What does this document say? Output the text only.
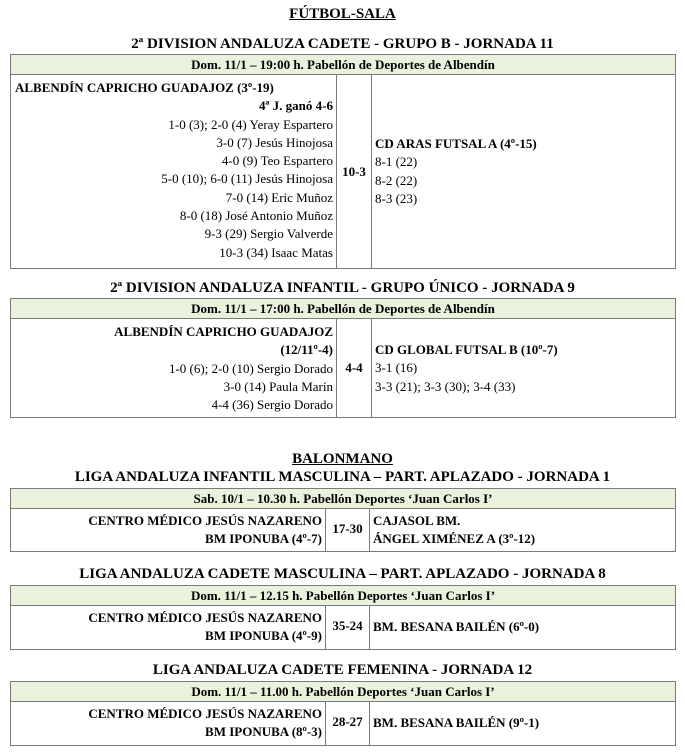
FÚTBOL-SALA
2ª DIVISION ANDALUZA CADETE - GRUPO B - JORNADA 11
Dom. 11/1 – 19:00 h. Pabellón de Deportes de Albendín
ALBENDÍN CAPRICHO GUADAJOZ (3º-19)
4ª J. ganó 4-6
1-0 (3); 2-0 (4) Yeray Espartero
3-0 (7) Jesús Hinojosa
4-0 (9) Teo Espartero
5-0 (10); 6-0 (11) Jesús Hinojosa
7-0 (14) Eric Muñoz
8-0 (18) José Antonio Muñoz
9-3 (29) Sergio Valverde
10-3 (34) Isaac Matas
10-3
CD ARAS FUTSAL A (4º-15)
8-1 (22)
8-2 (22)
8-3 (23)
2ª DIVISION ANDALUZA INFANTIL - GRUPO ÚNICO - JORNADA 9
Dom. 11/1 – 17:00 h. Pabellón de Deportes de Albendín
ALBENDÍN CAPRICHO GUADAJOZ
(12/11º-4)
1-0 (6); 2-0 (10) Sergio Dorado
3-0 (14) Paula Marín
4-4 (36) Sergio Dorado
4-4
CD GLOBAL FUTSAL B (10º-7)
3-1 (16)
3-3 (21); 3-3 (30); 3-4 (33)
BALONMANO
LIGA ANDALUZA INFANTIL MASCULINA – PART. APLAZADO - JORNADA 1
Sab. 10/1 – 10.30 h. Pabellón Deportes ‘Juan Carlos I’
CENTRO MÉDICO JESÚS NAZARENO
BM IPONUBA (4º-7)
17-30
CAJASOL BM.
ÁNGEL XIMÉNEZ A (3º-12)
LIGA ANDALUZA CADETE MASCULINA – PART. APLAZADO - JORNADA 8
Dom. 11/1 – 12.15 h. Pabellón Deportes ‘Juan Carlos I’
CENTRO MÉDICO JESÚS NAZARENO
BM IPONUBA (4º-9)
35-24 BM. BESANA BAILÉN (6º-0)
LIGA ANDALUZA CADETE FEMENINA - JORNADA 12
Dom. 11/1 – 11.00 h. Pabellón Deportes ‘Juan Carlos I’
CENTRO MÉDICO JESÚS NAZARENO
BM IPONUBA (8º-3)
28-27 BM. BESANA BAILÉN (9º-1)
